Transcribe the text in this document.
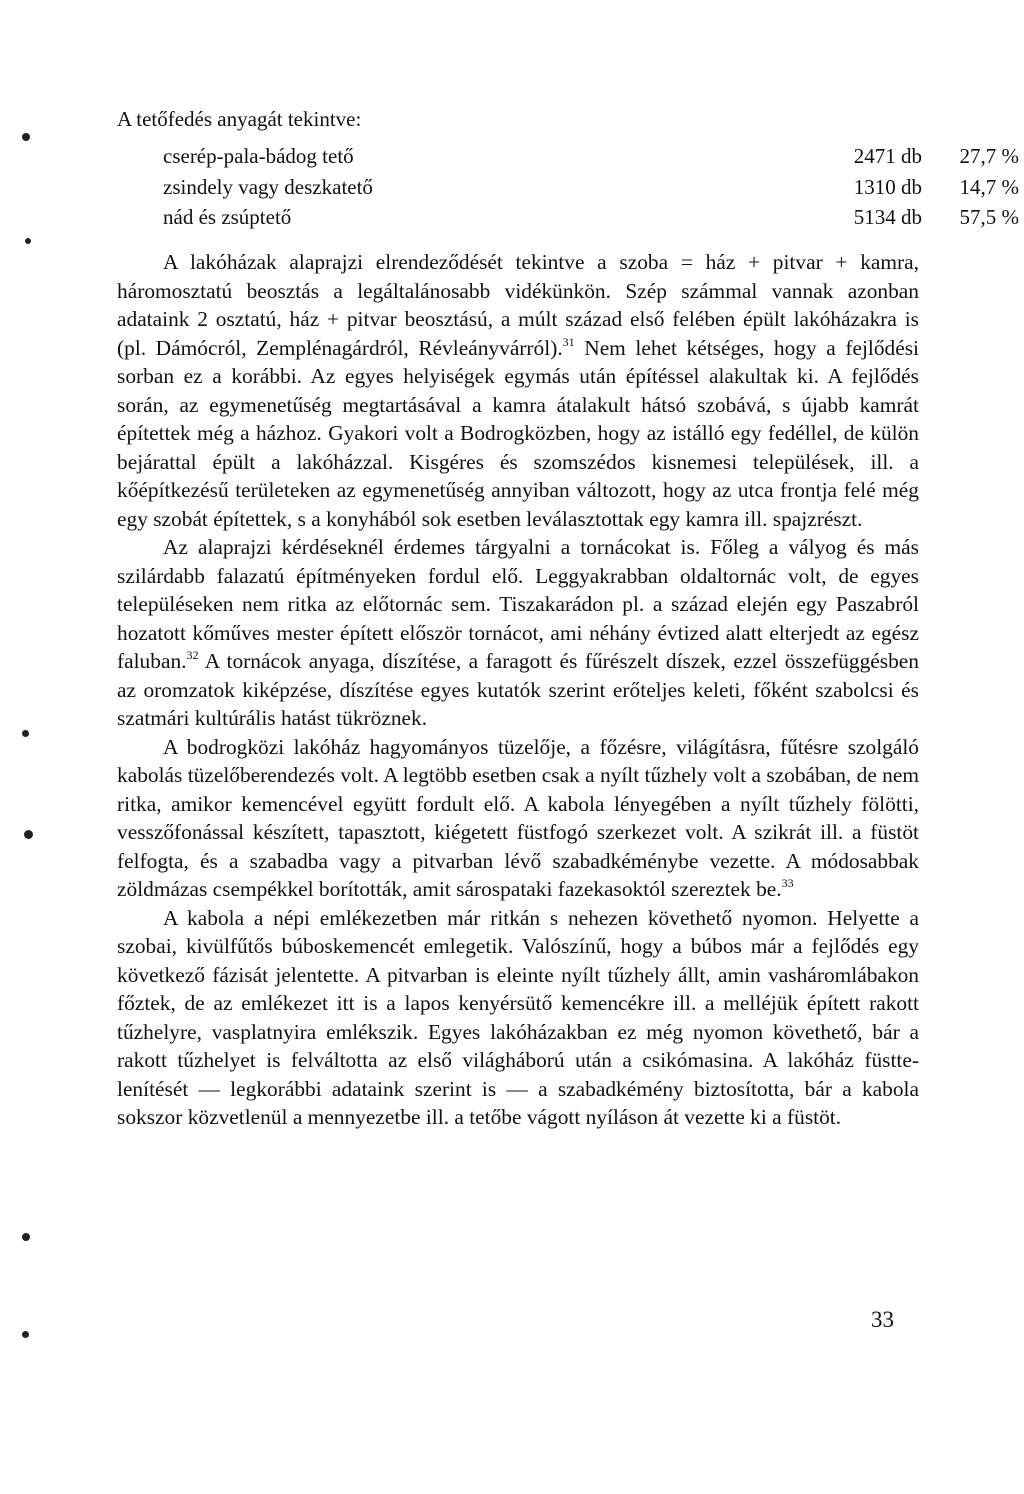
A tetőfedés anyagát tekintve:
cserép-pala-bádog tető	2471 db	27,7 %
zsindely vagy deszkatető	1310 db	14,7 %
nád és zsúptető	5134 db	57,5 %

A lakóházak alaprajzi elrendeződését tekintve a szoba = ház + pitvar + kamra, háromosztatú beosztás a legáltalánosabb vidékünkön. Szép számmal vannak azonban adataink 2 osztatú, ház + pitvar beosztású, a múlt század első felében épült lakóházakra is (pl. Dámócról, Zemplénagárdról, Révleányvárról).$^{31}$ Nem lehet kétséges, hogy a fejlődési sorban ez a korábbi. Az egyes helyiségek egymás után építéssel alakultak ki. A fejlődés során, az egymenetűség megtartásával a kamra átalakult hátsó szobává, s újabb kamrát építettek még a házhoz. Gyakori volt a Bodrogközben, hogy az istálló egy fedéllel, de külön bejárattal épült a lakóházzal. Kisgéres és szomszédos kisnemesi települések, ill. a kőépítkezésű területeken az egymenetűség annyiban változott, hogy az utca frontja felé még egy szobát építettek, s a konyhából sok esetben leválasztottak egy kamra ill. spajzrészt.

Az alaprajzi kérdéseknél érdemes tárgyalni a tornácokat is. Főleg a vályog és más szilárdabb falazatú építményeken fordul elő. Leggyakrabban oldaltornác volt, de egyes településeken nem ritka az előtornác sem. Tiszakarádon pl. a század elején egy Paszabról hozatott kőműves mester épített először tornácot, ami néhány évtized alatt elterjedt az egész faluban.$^{32}$ A tornácok anyaga, díszítése, a faragott és fűrészelt díszek, ezzel összefüggésben az oromzatok kiképzése, díszítése egyes kutatók szerint erőteljes keleti, főként szabolcsi és szatmári kultúrális hatást tükröznek.

A bodrogközi lakóház hagyományos tüzelője, a főzésre, világításra, fűtésre szolgáló kabolás tüzelőberendezés volt. A legtöbb esetben csak a nyílt tűzhely volt a szobában, de nem ritka, amikor kemencével együtt fordult elő. A kabola lényegében a nyílt tűzhely fölötti, vesszőfonással készített, tapasztott, kiégetett füstfogó szerkezet volt. A szikrát ill. a füstöt felfogta, és a szabadba vagy a pitvarban lévő szabadkéménybe vezette. A módosabbak zöldmázas csempékkel borították, amit sárospataki fazekasoktól szereztek be.$^{33}$

A kabola a népi emlékezetben már ritkán s nehezen követhető nyomon. Helyette a szobai, kivülfűtős búboskemencét emlegetik. Valószínű, hogy a búbos már a fejlődés egy következő fázisát jelentette. A pitvarban is eleinte nyílt tűzhely állt, amin vasháromlábakon főztek, de az emlékezet itt is a lapos kenyérsütő kemencékre ill. a melléjük épített rakott tűzhelyre, vasplatnyira emlékszik. Egyes lakóházakban ez még nyomon követhető, bár a rakott tűzhelyet is felváltotta az első világháború után a csikómasina. A lakóház füstte-lenítését — legkorábbi adataink szerint is — a szabadkémény biztosította, bár a kabola sokszor közvetlenül a mennyezetbe ill. a tetőbe vágott nyíláson át vezette ki a füstöt.

33
